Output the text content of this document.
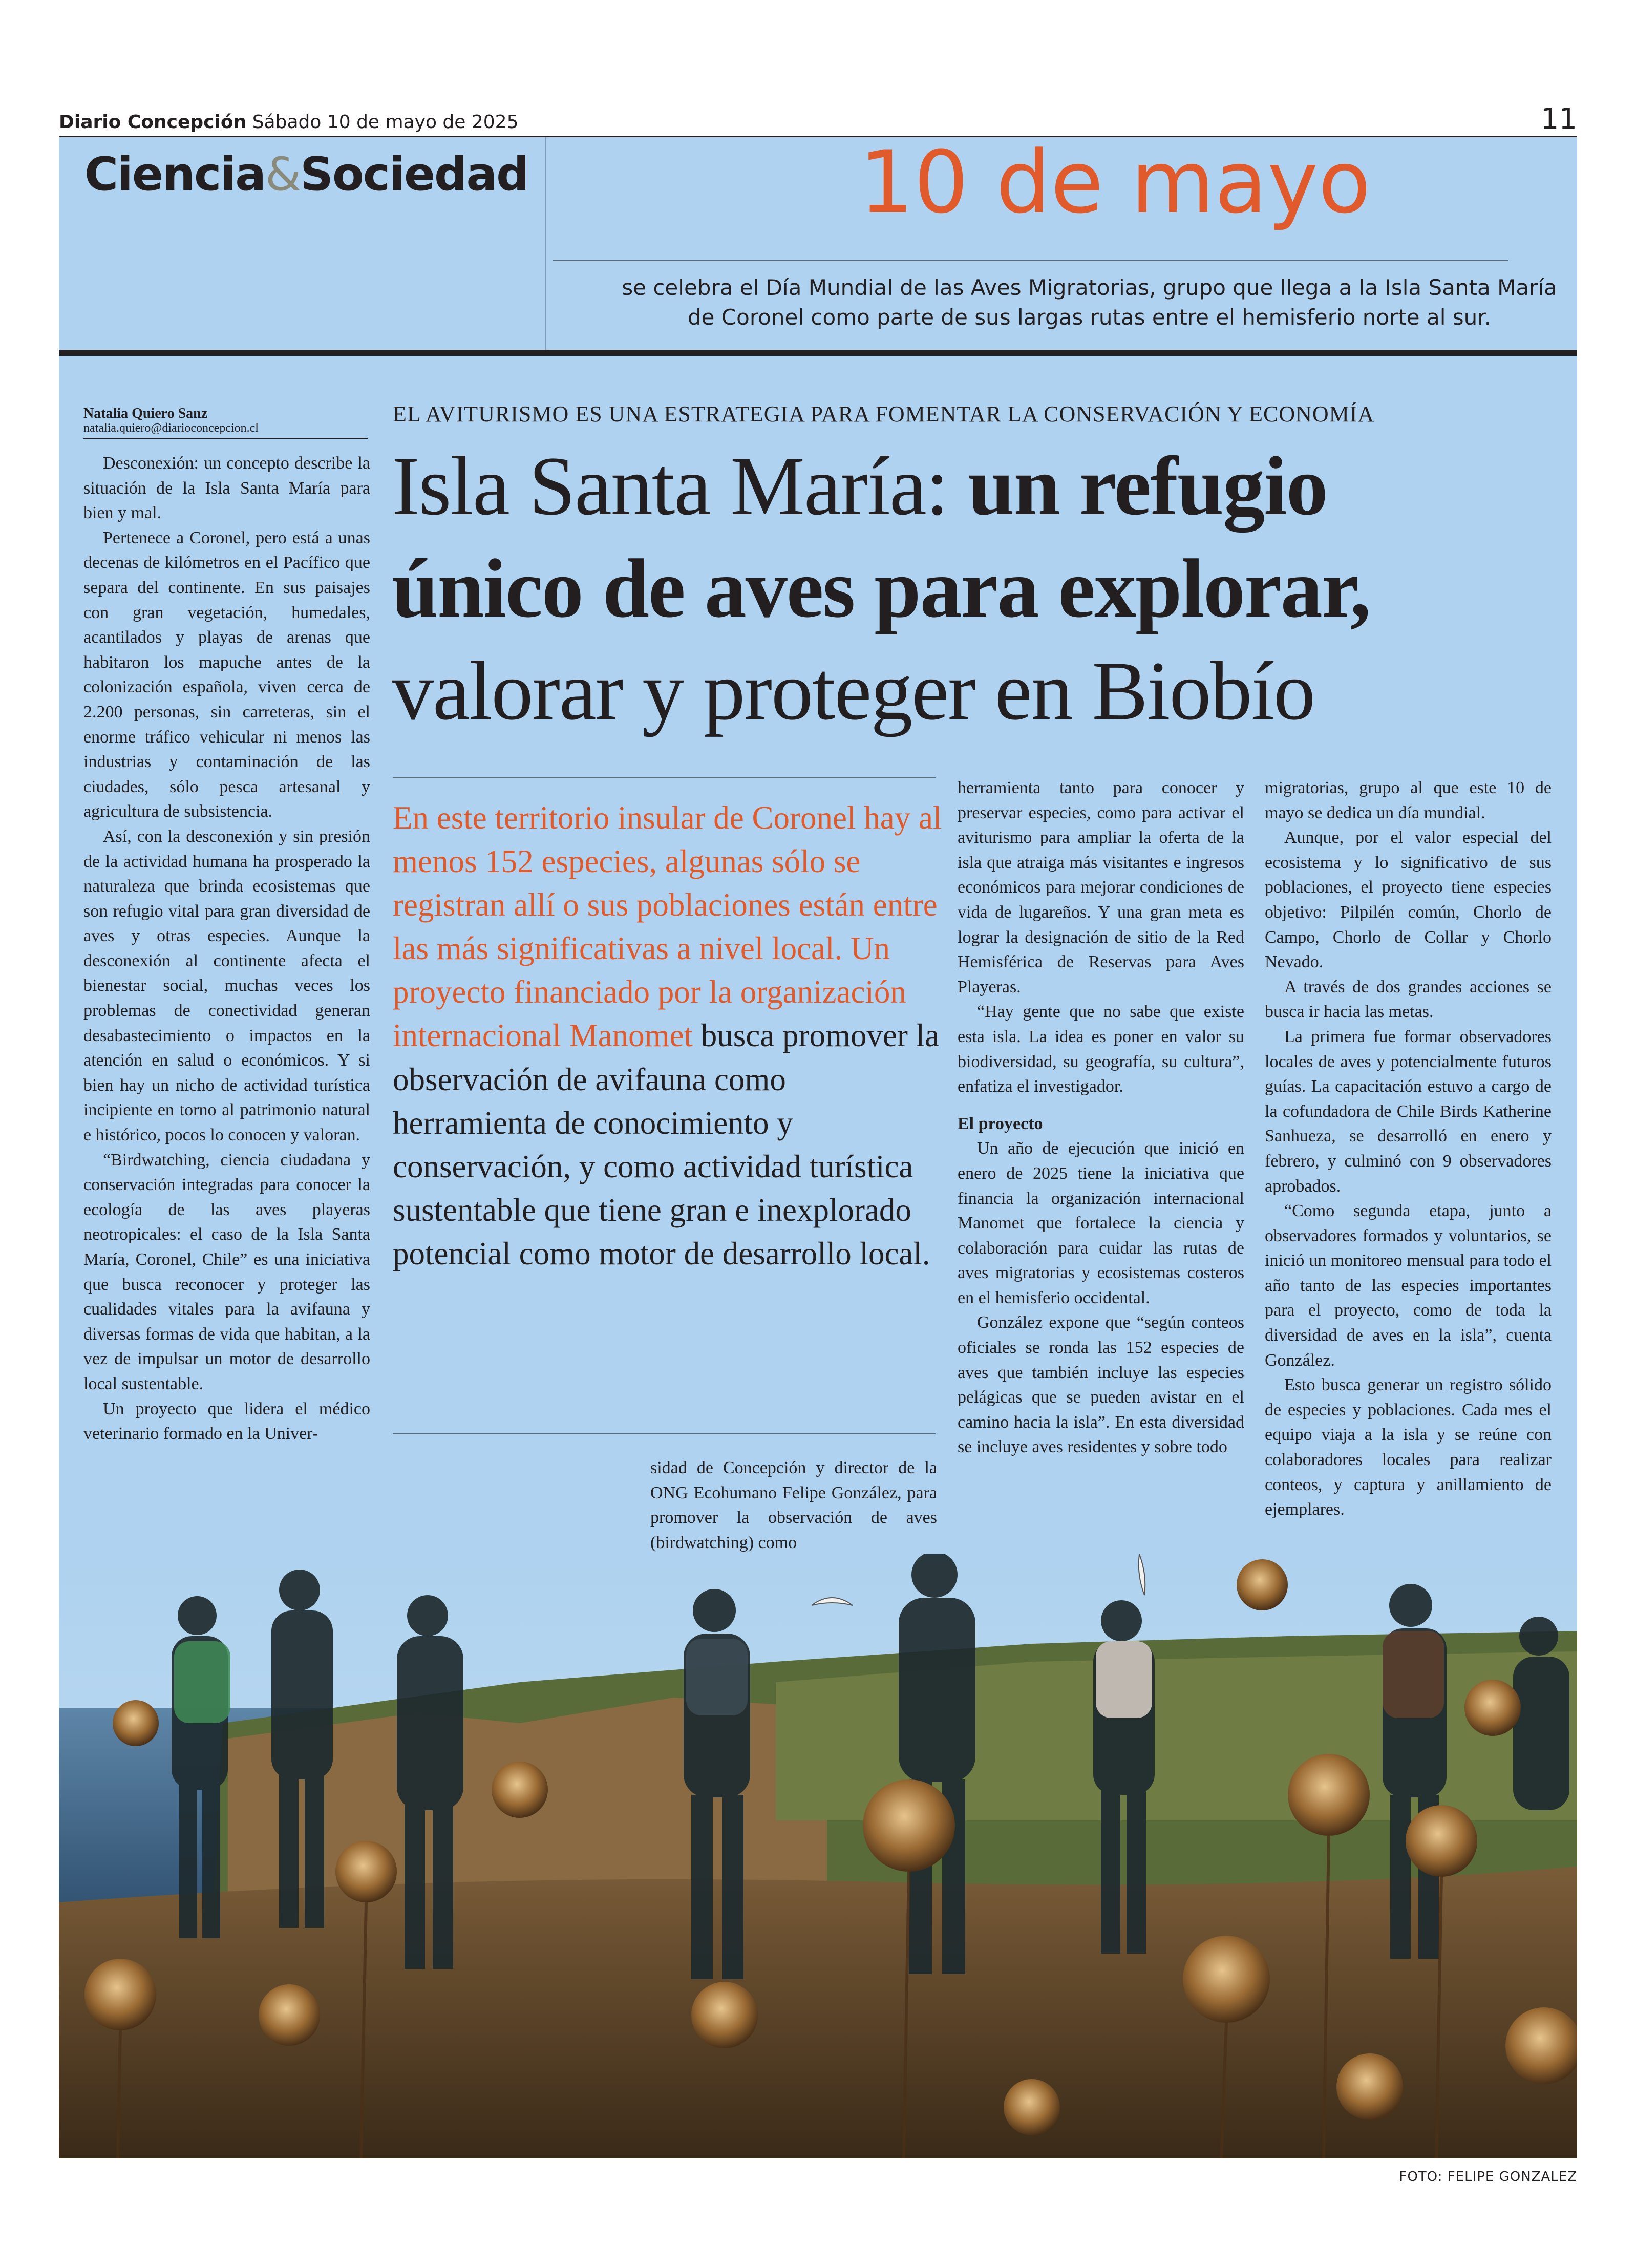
Diario Concepción Sábado 10 de mayo de 2025	11
Ciencia&Sociedad	10 de mayo
se celebra el Día Mundial de las Aves Migratorias, grupo que llega a la Isla Santa María de Coronel como parte de sus largas rutas entre el hemisferio norte al sur.
Natalia Quiero Sanz
natalia.quiero@diarioconcepcion.cl
EL AVITURISMO ES UNA ESTRATEGIA PARA FOMENTAR LA CONSERVACIÓN Y ECONOMÍA
Isla Santa María: un refugio
único de aves para explorar,
valorar y proteger en Biobío
En este territorio insular de Coronel hay al menos 152 especies, algunas sólo se registran allí o sus poblaciones están entre las más significativas a nivel local. Un proyecto financiado por la organización internacional Manomet busca promover la observación de avifauna como herramienta de conocimiento y conservación, y como actividad turística sustentable que tiene gran e inexplorado potencial como motor de desarrollo local.

Desconexión: un concepto describe la situación de la Isla Santa María para bien y mal.

Pertenece a Coronel, pero está a unas decenas de kilómetros en el Pacífico que separa del continente. En sus paisajes con gran vegetación, humedales, acantilados y playas de arenas que habitaron los mapuche antes de la colonización española, viven cerca de 2.200 personas, sin carreteras, sin el enorme tráfico vehicular ni menos las industrias y contaminación de las ciudades, sólo pesca artesanal y agricultura de subsistencia.

Así, con la desconexión y sin presión de la actividad humana ha prosperado la naturaleza que brinda ecosistemas que son refugio vital para gran diversidad de aves y otras especies. Aunque la desconexión al continente afecta el bienestar social, muchas veces los problemas de conectividad generan desabastecimiento o impactos en la atención en salud o económicos. Y si bien hay un nicho de actividad turística incipiente en torno al patrimonio natural e histórico, pocos lo conocen y valoran.

“Birdwatching, ciencia ciudadana y conservación integradas para conocer la ecología de las aves playeras neotropicales: el caso de la Isla Santa María, Coronel, Chile” es una iniciativa que busca reconocer y proteger las cualidades vitales para la avifauna y diversas formas de vida que habitan, a la vez de impulsar un motor de desarrollo local sustentable.

Un proyecto que lidera el médico veterinario formado en la Univer-

sidad de Concepción y director de la ONG Ecohumano Felipe González, para promover la observación de aves (birdwatching) como

herramienta tanto para conocer y preservar especies, como para activar el aviturismo para ampliar la oferta de la isla que atraiga más visitantes e ingresos económicos para mejorar condiciones de vida de lugareños. Y una gran meta es lograr la designación de sitio de la Red Hemisférica de Reservas para Aves Playeras.

“Hay gente que no sabe que existe esta isla. La idea es poner en valor su biodiversidad, su geografía, su cultura”, enfatiza el investigador.

El proyecto

Un año de ejecución que inició en enero de 2025 tiene la iniciativa que financia la organización internacional Manomet que fortalece la ciencia y colaboración para cuidar las rutas de aves migratorias y ecosistemas costeros en el hemisferio occidental.

González expone que “según conteos oficiales se ronda las 152 especies de aves que también incluye las especies pelágicas que se pueden avistar en el camino hacia la isla”. En esta diversidad se incluye aves residentes y sobre todo

migratorias, grupo al que este 10 de mayo se dedica un día mundial.

Aunque, por el valor especial del ecosistema y lo significativo de sus poblaciones, el proyecto tiene especies objetivo: Pilpilén común, Chorlo de Campo, Chorlo de Collar y Chorlo Nevado.

A través de dos grandes acciones se busca ir hacia las metas.

La primera fue formar observadores locales de aves y potencialmente futuros guías. La capacitación estuvo a cargo de la cofundadora de Chile Birds Katherine Sanhueza, se desarrolló en enero y febrero, y culminó con 9 observadores aprobados.

“Como segunda etapa, junto a observadores formados y voluntarios, se inició un monitoreo mensual para todo el año tanto de las especies importantes para el proyecto, como de toda la diversidad de aves en la isla”, cuenta González.

Esto busca generar un registro sólido de especies y poblaciones. Cada mes el equipo viaja a la isla y se reúne con colaboradores locales para realizar conteos, y captura y anillamiento de ejemplares.

FOTO: FELIPE GONZALEZ
